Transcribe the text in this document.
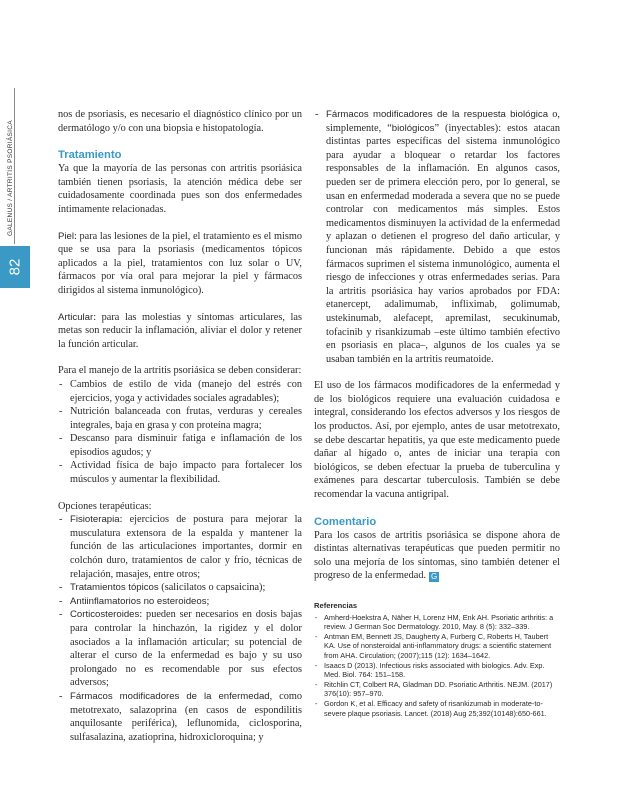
GALENUS / ARTRITIS PSORIÁSICA
82

nos de psoriasis, es necesario el diagnóstico clínico por un dermatólogo y/o con una biopsia e histopatología.

Tratamiento

Ya que la mayoría de las personas con artritis psoriásica también tienen psoriasis, la atención médica debe ser cuidadosamente coordinada pues son dos enfermedades íntimamente relacionadas.

Piel: para las lesiones de la piel, el tratamiento es el mismo que se usa para la psoriasis (medicamentos tópicos aplicados a la piel, tratamientos con luz solar o UV, fármacos por vía oral para mejorar la piel y fármacos dirigidos al sistema inmunológico).

Articular: para las molestias y síntomas articulares, las metas son reducir la inflamación, aliviar el dolor y retener la función articular.

Para el manejo de la artritis psoriásica se deben considerar:

- Cambios de estilo de vida (manejo del estrés con ejercicios, yoga y actividades sociales agradables);
- Nutrición balanceada con frutas, verduras y cereales integrales, baja en grasa y con proteína magra;
- Descanso para disminuir fatiga e inflamación de los episodios agudos; y
- Actividad física de bajo impacto para fortalecer los músculos y aumentar la flexibilidad.

Opciones terapéuticas:

- Fisioterapia: ejercicios de postura para mejorar la musculatura extensora de la espalda y mantener la función de las articulaciones importantes, dormir en colchón duro, tratamientos de calor y frío, técnicas de relajación, masajes, entre otros;
- Tratamientos tópicos (salicilatos o capsaicina);
- Antiinflamatorios no esteroideos;
- Corticosteroides: pueden ser necesarios en dosis bajas para controlar la hinchazón, la rigidez y el dolor asociados a la inflamación articular; su potencial de alterar el curso de la enfermedad es bajo y su uso prolongado no es recomendable por sus efectos adversos;
- Fármacos modificadores de la enfermedad, como metotrexato, salazoprina (en casos de espondilitis anquilosante periférica), leflunomida, ciclosporina, sulfasalazina, azatioprina, hidroxicloroquina; y
- Fármacos modificadores de la respuesta biológica o, simplemente, “biológicos” (inyectables): estos atacan distintas partes específicas del sistema inmunológico para ayudar a bloquear o retardar los factores responsables de la inflamación. En algunos casos, pueden ser de primera elección pero, por lo general, se usan en enfermedad moderada a severa que no se puede controlar con medicamentos más simples. Estos medicamentos disminuyen la actividad de la enfermedad y aplazan o detienen el progreso del daño articular, y funcionan más rápidamente. Debido a que estos fármacos suprimen el sistema inmunológico, aumenta el riesgo de infecciones y otras enfermedades serias. Para la artritis psoriásica hay varios aprobados por FDA: etanercept, adalimumab, infliximab, golimumab, ustekinumab, alefacept, apremilast, secukinumab, tofacinib y risankizumab –este último también efectivo en psoriasis en placa–, algunos de los cuales ya se usaban también en la artritis reumatoide.

El uso de los fármacos modificadores de la enfermedad y de los biológicos requiere una evaluación cuidadosa e integral, considerando los efectos adversos y los riesgos de los productos. Así, por ejemplo, antes de usar metotrexato, se debe descartar hepatitis, ya que este medicamento puede dañar al hígado o, antes de iniciar una terapia con biológicos, se deben efectuar la prueba de tuberculina y exámenes para descartar tuberculosis. También se debe recomendar la vacuna antigripal.

Comentario

Para los casos de artritis psoriásica se dispone ahora de distintas alternativas terapéuticas que pueden permitir no solo una mejoría de los síntomas, sino también detener el progreso de la enfermedad. G

Referencias
- Amherd-Hoekstra A, Näher H, Lorenz HM, Enk AH. Psoriatic arthritis: a review. J German Soc Dermatology. 2010, May. 8 (5): 332–339.
- Antman EM, Bennett JS, Daugherty A, Furberg C, Roberts H, Taubert KA. Use of nonsteroidal anti-inflammatory drugs: a scientific statement from AHA. Circulation; (2007);115 (12): 1634–1642.
- Isaacs D (2013). Infectious risks associated with biologics. Adv. Exp. Med. Biol. 764: 151–158.
- Ritchlin CT, Colbert RA, Gladman DD. Psoriatic Arthritis. NEJM. (2017) 376(10): 957–970.
- Gordon K, et al. Efficacy and safety of risankizumab in moderate-to-severe plaque psoriasis. Lancet. (2018) Aug 25;392(10148):650-661.
